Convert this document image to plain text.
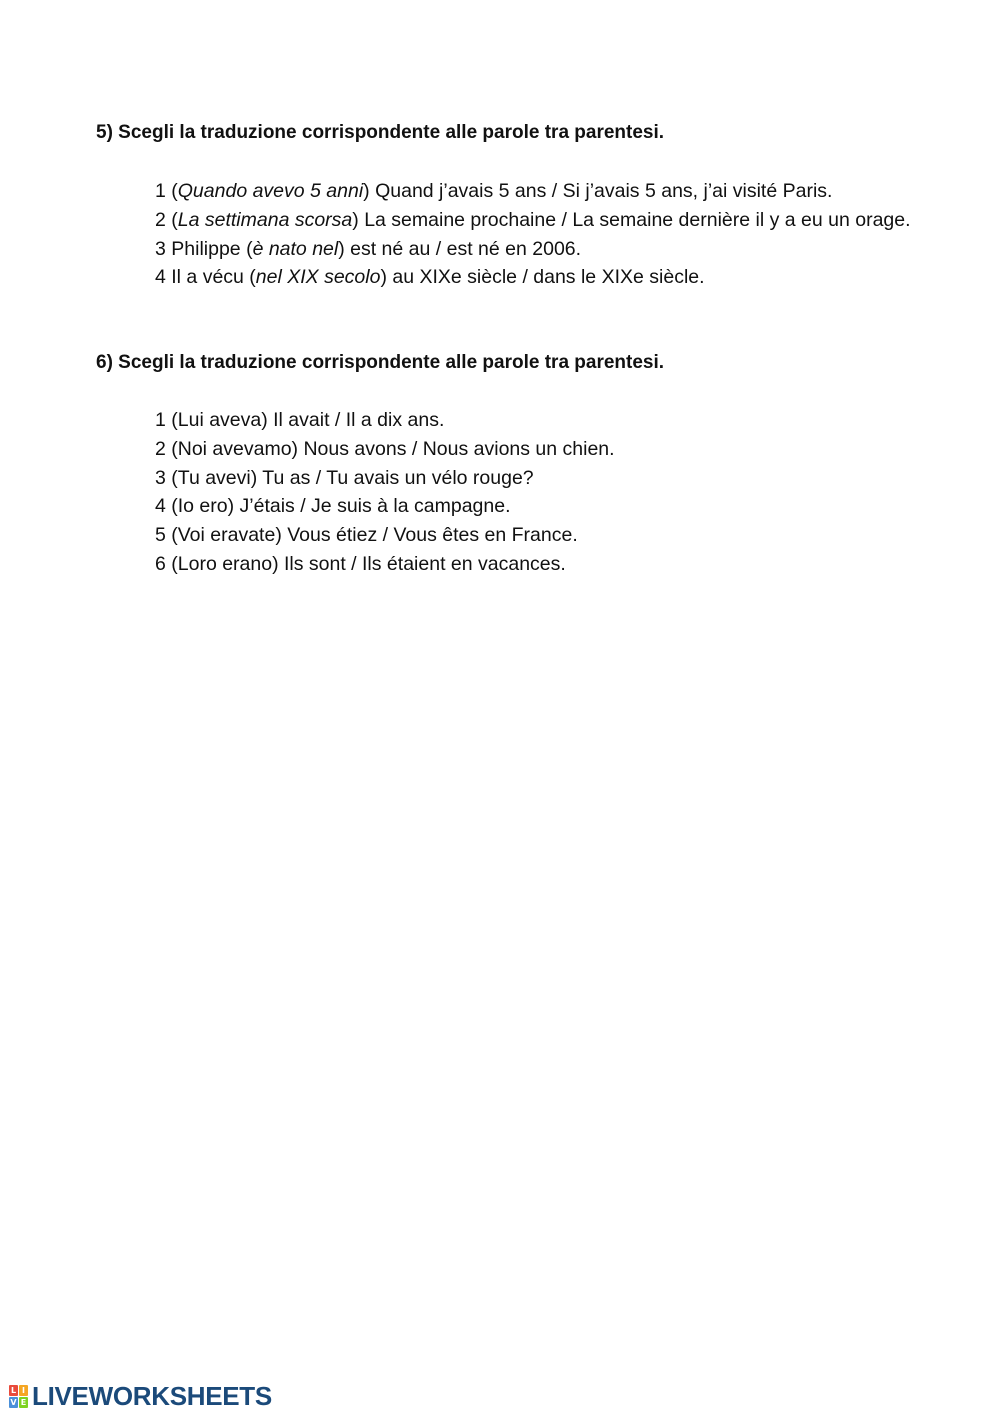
5) Scegli la traduzione corrispondente alle parole tra parentesi.
1 (Quando avevo 5 anni) Quand j’avais 5 ans / Si j’avais 5 ans, j’ai visité Paris.
2 (La settimana scorsa) La semaine prochaine / La semaine dernière il y a eu un orage.
3 Philippe (è nato nel) est né au / est né en 2006.
4 Il a vécu (nel XIX secolo) au XIXe siècle / dans le XIXe siècle.
6) Scegli la traduzione corrispondente alle parole tra parentesi.
1 (Lui aveva) Il avait / Il a dix ans.
2 (Noi avevamo) Nous avons / Nous avions un chien.
3 (Tu avevi) Tu as / Tu avais un vélo rouge?
4 (Io ero) J’étais / Je suis à la campagne.
5 (Voi eravate) Vous étiez / Vous êtes en France.
6 (Loro erano) Ils sont / Ils étaient en vacances.
L I
V E LIVEWORKSHEETS
